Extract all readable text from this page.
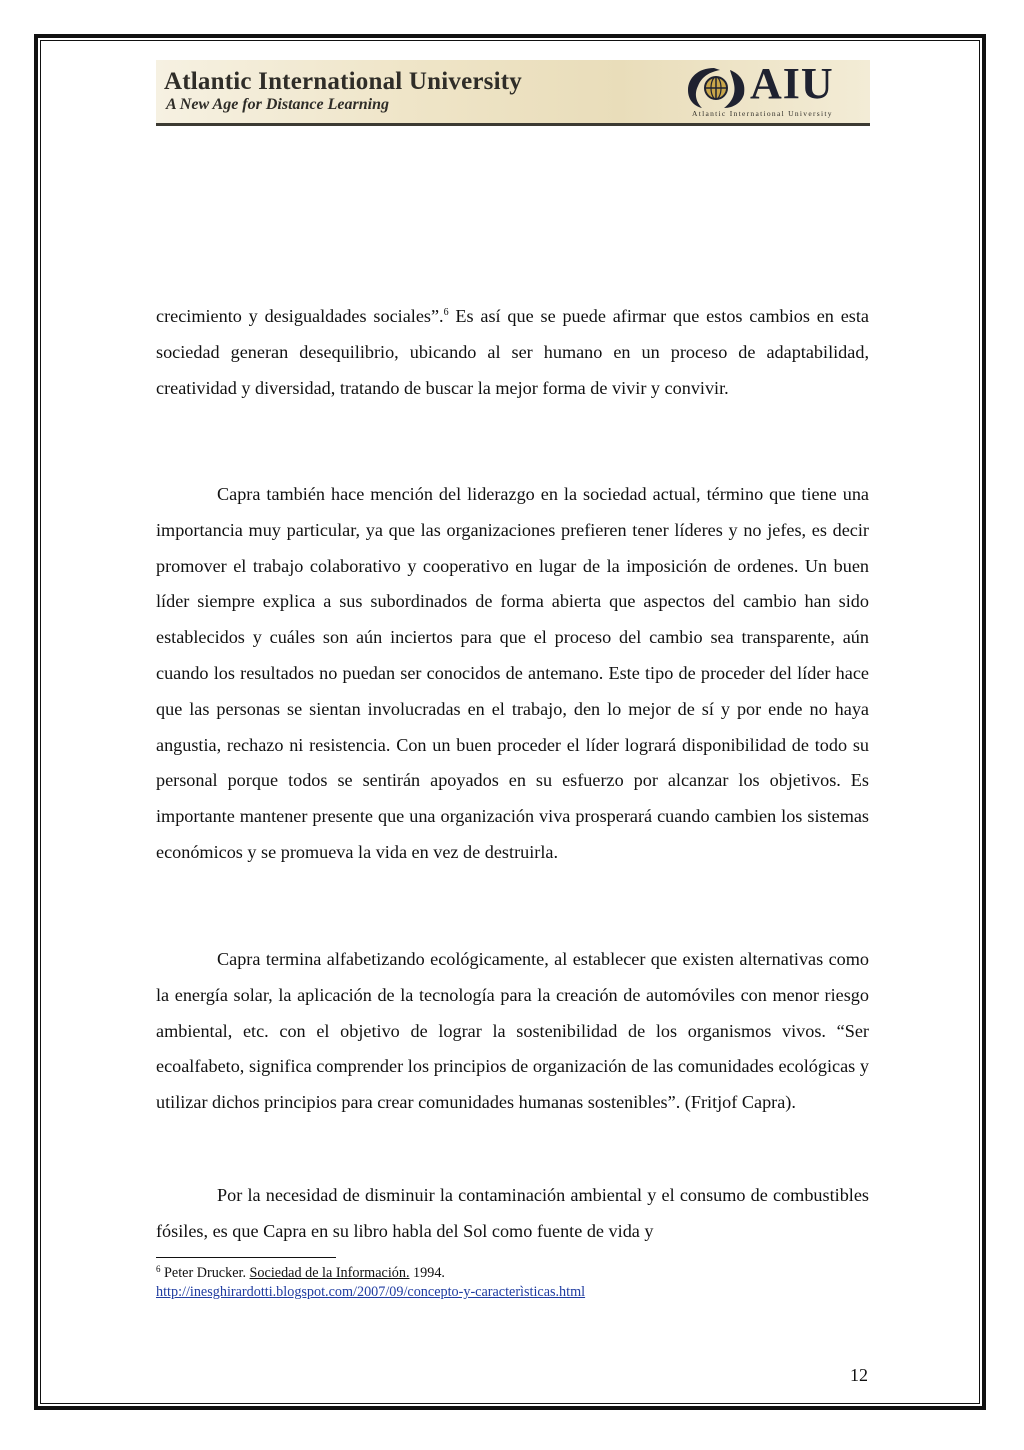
Atlantic International University
A New Age for Distance Learning	AIU
Atlantic International University

crecimiento y desigualdades sociales”.$^6$ Es así que se puede afirmar que estos cambios en esta sociedad generan desequilibrio, ubicando al ser humano en un proceso de adaptabilidad, creatividad y diversidad, tratando de buscar la mejor forma de vivir y convivir.

Capra también hace mención del liderazgo en la sociedad actual, término que tiene una importancia muy particular, ya que las organizaciones prefieren tener líderes y no jefes, es decir promover el trabajo colaborativo y cooperativo en lugar de la imposición de ordenes. Un buen líder siempre explica a sus subordinados de forma abierta que aspectos del cambio han sido establecidos y cuáles son aún inciertos para que el proceso del cambio sea transparente, aún cuando los resultados no puedan ser conocidos de antemano. Este tipo de proceder del líder hace que las personas se sientan involucradas en el trabajo, den lo mejor de sí y por ende no haya angustia, rechazo ni resistencia. Con un buen proceder el líder logrará disponibilidad de todo su personal porque todos se sentirán apoyados en su esfuerzo por alcanzar los objetivos. Es importante mantener presente que una organización viva prosperará cuando cambien los sistemas económicos y se promueva la vida en vez de destruirla.

Capra termina alfabetizando ecológicamente, al establecer que existen alternativas como la energía solar, la aplicación de la tecnología para la creación de automóviles con menor riesgo ambiental, etc. con el objetivo de lograr la sostenibilidad de los organismos vivos. “Ser ecoalfabeto, significa comprender los principios de organización de las comunidades ecológicas y utilizar dichos principios para crear comunidades humanas sostenibles”. (Fritjof Capra).

Por la necesidad de disminuir la contaminación ambiental y el consumo de combustibles fósiles, es que Capra en su libro habla del Sol como fuente de vida y

$^6$ Peter Drucker. Sociedad de la Información. 1994.
http://inesghirardotti.blogspot.com/2007/09/concepto-y-caracterìsticas.html

12
